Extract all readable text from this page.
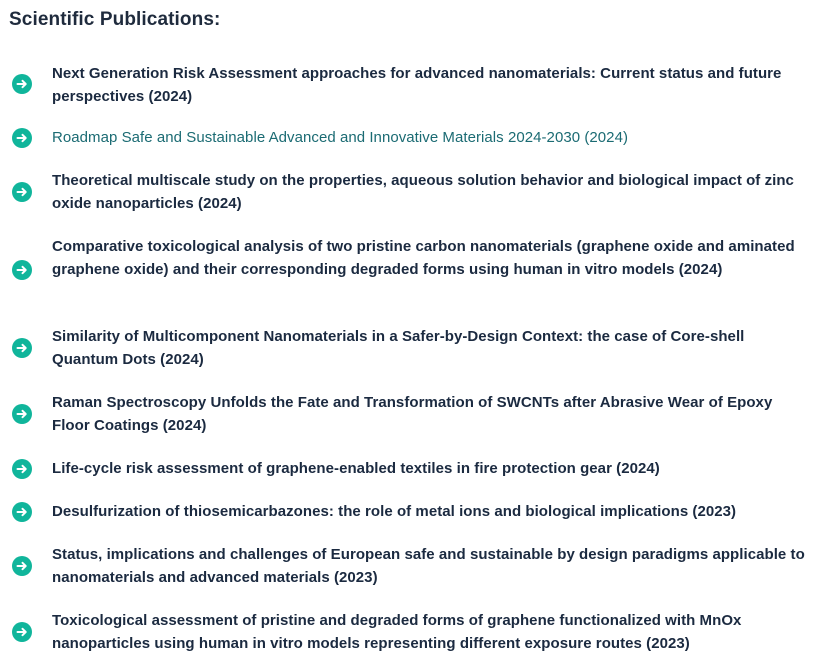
Scientific Publications:
Next Generation Risk Assessment approaches for advanced nanomaterials: Current status and future perspectives (2024)
Roadmap Safe and Sustainable Advanced and Innovative Materials 2024-2030 (2024)
Theoretical multiscale study on the properties, aqueous solution behavior and biological impact of zinc oxide nanoparticles (2024)
Comparative toxicological analysis of two pristine carbon nanomaterials (graphene oxide and aminated graphene oxide) and their corresponding degraded forms using human in vitro models (2024)
Similarity of Multicomponent Nanomaterials in a Safer-by-Design Context: the case of Core-shell Quantum Dots (2024)
Raman Spectroscopy Unfolds the Fate and Transformation of SWCNTs after Abrasive Wear of Epoxy Floor Coatings (2024)
Life-cycle risk assessment of graphene-enabled textiles in fire protection gear (2024)
Desulfurization of thiosemicarbazones: the role of metal ions and biological implications (2023)
Status, implications and challenges of European safe and sustainable by design paradigms applicable to nanomaterials and advanced materials (2023)
Toxicological assessment of pristine and degraded forms of graphene functionalized with MnOx nanoparticles using human in vitro models representing different exposure routes (2023)
